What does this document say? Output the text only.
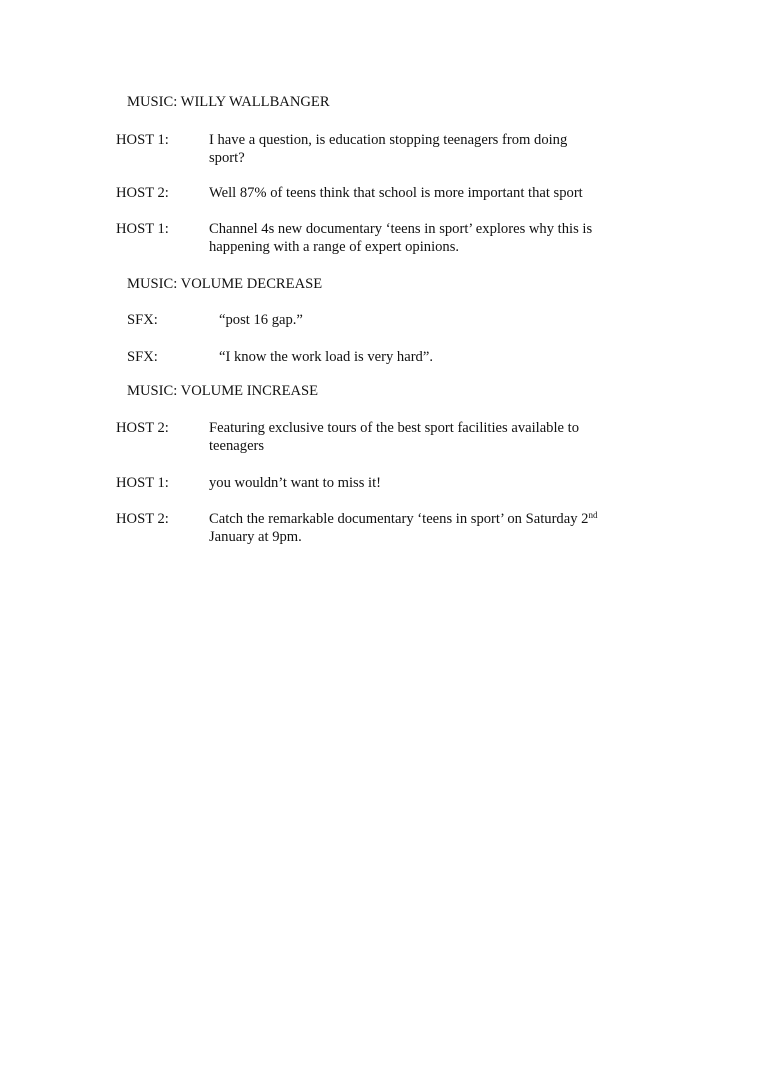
MUSIC: WILLY WALLBANGER
HOST 1:	I have a question, is education stopping teenagers from doing
sport?
HOST 2:	Well 87% of teens think that school is more important that sport
HOST 1:	Channel 4s new documentary ‘teens in sport’ explores why this is
happening with a range of expert opinions.
MUSIC: VOLUME DECREASE
SFX:	“post 16 gap.”
SFX:	“I know the work load is very hard”.
MUSIC: VOLUME INCREASE
HOST 2:	Featuring exclusive tours of the best sport facilities available to
teenagers
HOST 1:	you wouldn’t want to miss it!
HOST 2:	Catch the remarkable documentary ‘teens in sport’ on Saturday 2nd
January at 9pm.
